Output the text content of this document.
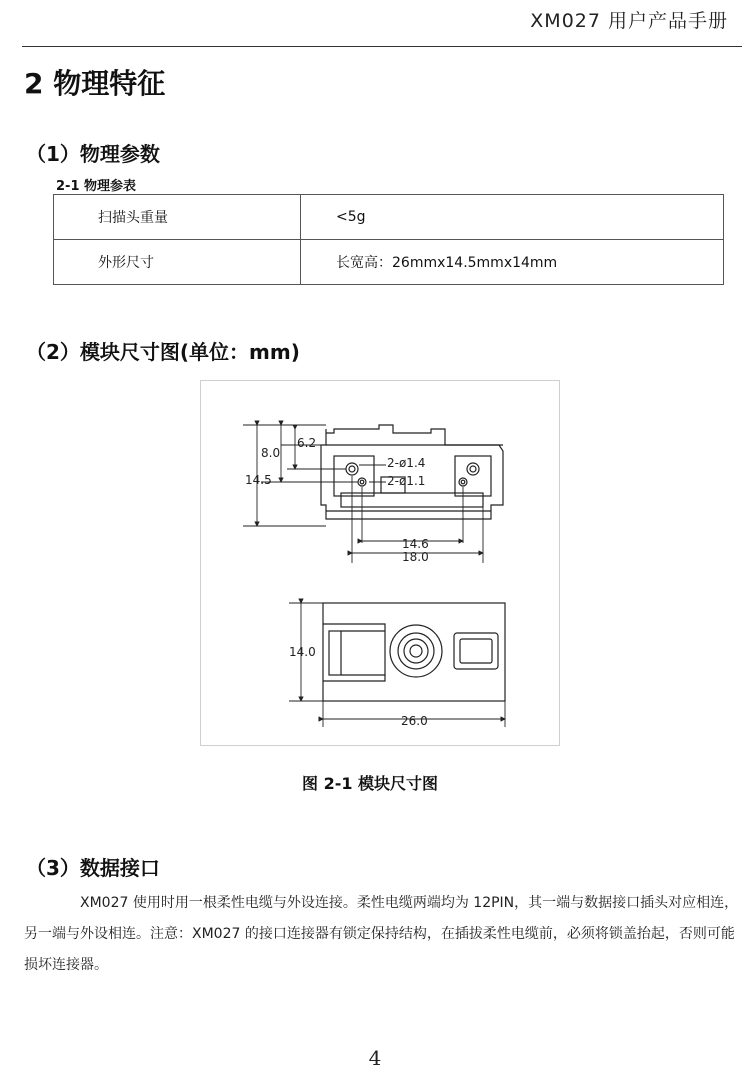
XM027 用户产品手册
2 物理特征
（1）物理参数
2-1 物理参表
扫描头重量	<5g
外形尺寸	长宽高：26mmx14.5mmx14mm
（2）模块尺寸图(单位：mm)
14.5
8.0
6.2
2-ø1.4
2-ø1.1
14.6
18.0
14.0
26.0
图 2-1 模块尺寸图
（3）数据接口
XM027 使用时用一根柔性电缆与外设连接。柔性电缆两端均为 12PIN，其一端与数据接口插头对应相连，另一端与外设相连。注意：XM027 的接口连接器有锁定保持结构，在插拔柔性电缆前，必须将锁盖抬起，否则可能损坏连接器。
4
